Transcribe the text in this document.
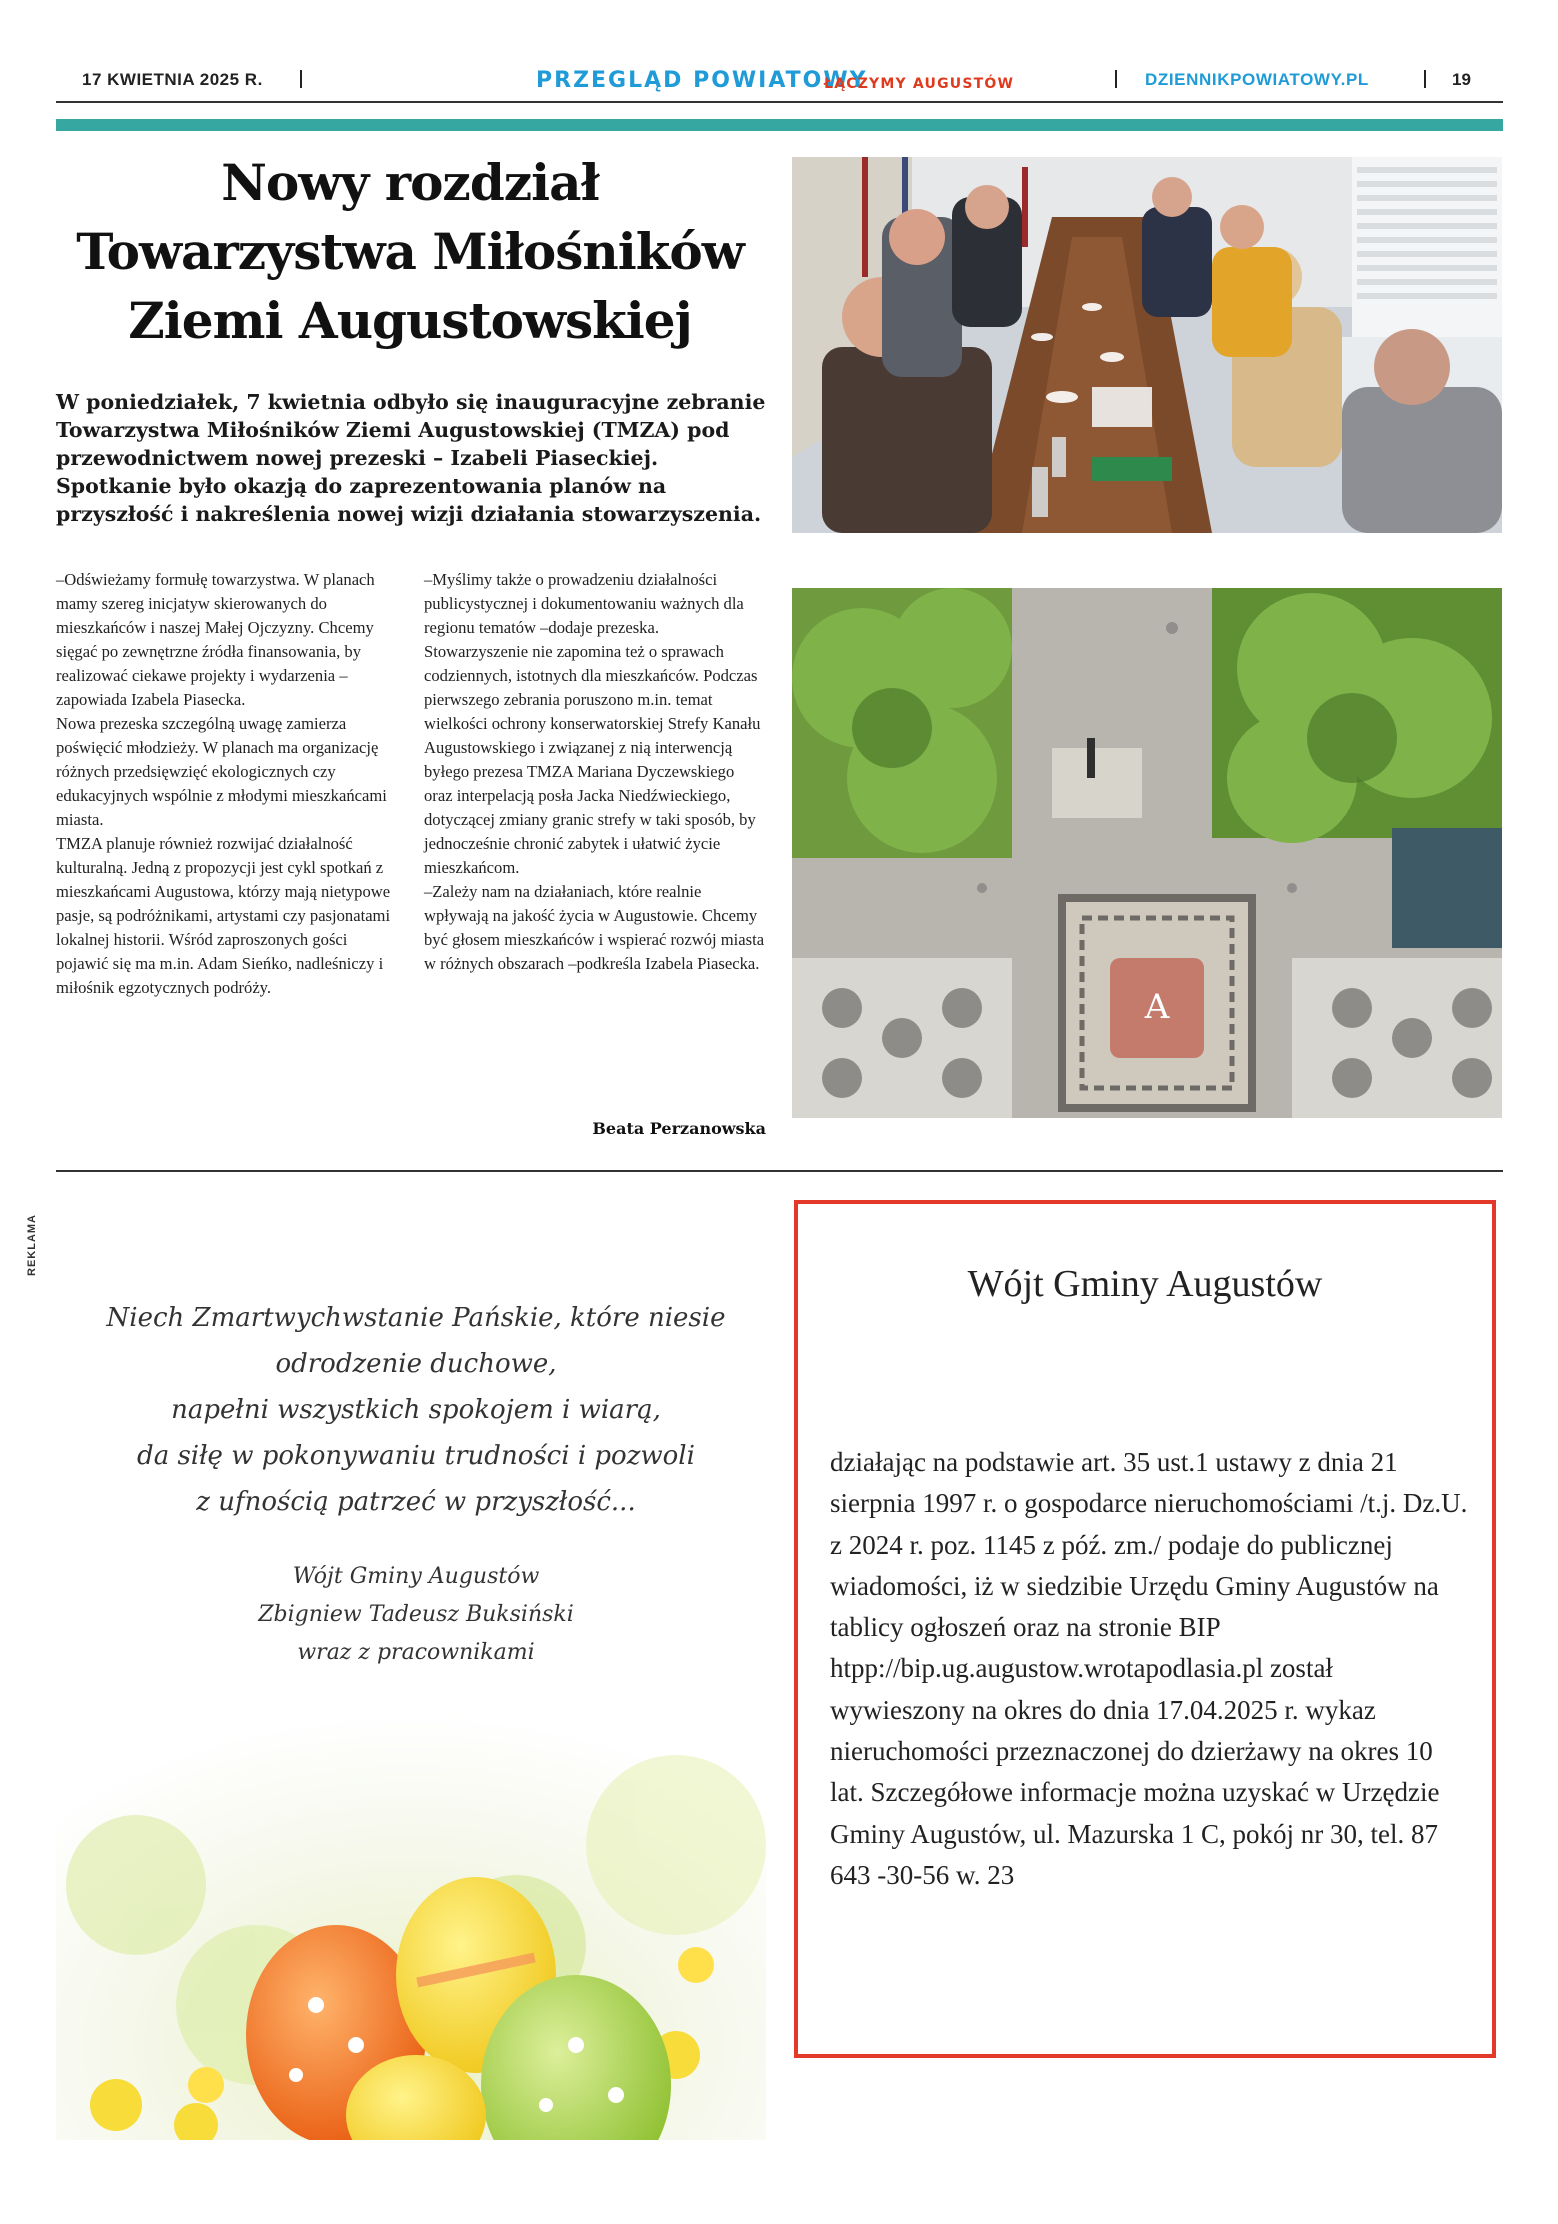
17 KWIETNIA 2025 R.	PRZEGLĄD POWIATOWY
ŁĄCZYMY AUGUSTÓW	DZIENNIKPOWIATOWY.PL	19
Nowy rozdział Towarzystwa Miłośników Ziemi Augustowskiej
W poniedziałek, 7 kwietnia odbyło się inauguracyjne zebranie Towarzystwa Miłośników Ziemi Augustowskiej (TMZA) pod przewodnictwem nowej prezeski – Izabeli Piaseckiej. Spotkanie było okazją do zaprezentowania planów na przyszłość i nakreślenia nowej wizji działania stowarzyszenia.
–Odświeżamy formułę towarzystwa. W planach mamy szereg inicjatyw skierowanych do mieszkańców i naszej Małej Ojczyzny. Chcemy sięgać po zewnętrzne źródła finansowania, by realizować ciekawe projekty i wydarzenia –zapowiada Izabela Piasecka.
Nowa prezeska szczególną uwagę zamierza poświęcić młodzieży. W planach ma organizację różnych przedsięwzięć ekologicznych czy edukacyjnych wspólnie z młodymi mieszkańcami miasta.
TMZA planuje również rozwijać działalność kulturalną. Jedną z propozycji jest cykl spotkań z mieszkańcami Augustowa, którzy mają nietypowe pasje, są podróżnikami, artystami czy pasjonatami lokalnej historii. Wśród zaproszonych gości pojawić się ma m.in. Adam Sieńko, nadleśniczy i miłośnik egzotycznych podróży.
–Myślimy także o prowadzeniu działalności publicystycznej i dokumentowaniu ważnych dla regionu tematów –dodaje prezeska.
Stowarzyszenie nie zapomina też o sprawach codziennych, istotnych dla mieszkańców. Podczas pierwszego zebrania poruszono m.in. temat wielkości ochrony konserwatorskiej Strefy Kanału Augustowskiego i związanej z nią interwencją byłego prezesa TMZA Mariana Dyczewskiego oraz interpelacją posła Jacka Niedźwieckiego, dotyczącej zmiany granic strefy w taki sposób, by jednocześnie chronić zabytek i ułatwić życie mieszkańcom.
–Zależy nam na działaniach, które realnie wpływają na jakość życia w Augustowie. Chcemy być głosem mieszkańców i wspierać rozwój miasta w różnych obszarach –podkreśla Izabela Piasecka.
Beata Perzanowska
A
REKLAMA
Niech Zmartwychwstanie Pańskie, które niesie
odrodzenie duchowe,
napełni wszystkich spokojem i wiarą,
da siłę w pokonywaniu trudności i pozwoli
z ufnością patrzeć w przyszłość...
Wójt Gminy Augustów
Zbigniew Tadeusz Buksiński
wraz z pracownikami
Wójt Gminy Augustów
działając na podstawie art. 35 ust.1 ustawy z dnia 21 sierpnia 1997 r. o gospodarce nieruchomościami /t.j. Dz.U. z 2024 r. poz. 1145 z póź. zm./ podaje do publicznej wiadomości, iż w siedzibie Urzędu Gminy Augustów na tablicy ogłoszeń oraz na stronie BIP htpp://bip.ug.augustow.wrotapodlasia.pl został wywieszony na okres do dnia 17.04.2025 r. wykaz nieruchomości przeznaczonej do dzierżawy na okres 10 lat. Szczegółowe informacje można uzyskać w Urzędzie Gminy Augustów, ul. Mazurska 1 C, pokój nr 30, tel. 87 643 -30-56 w. 23
